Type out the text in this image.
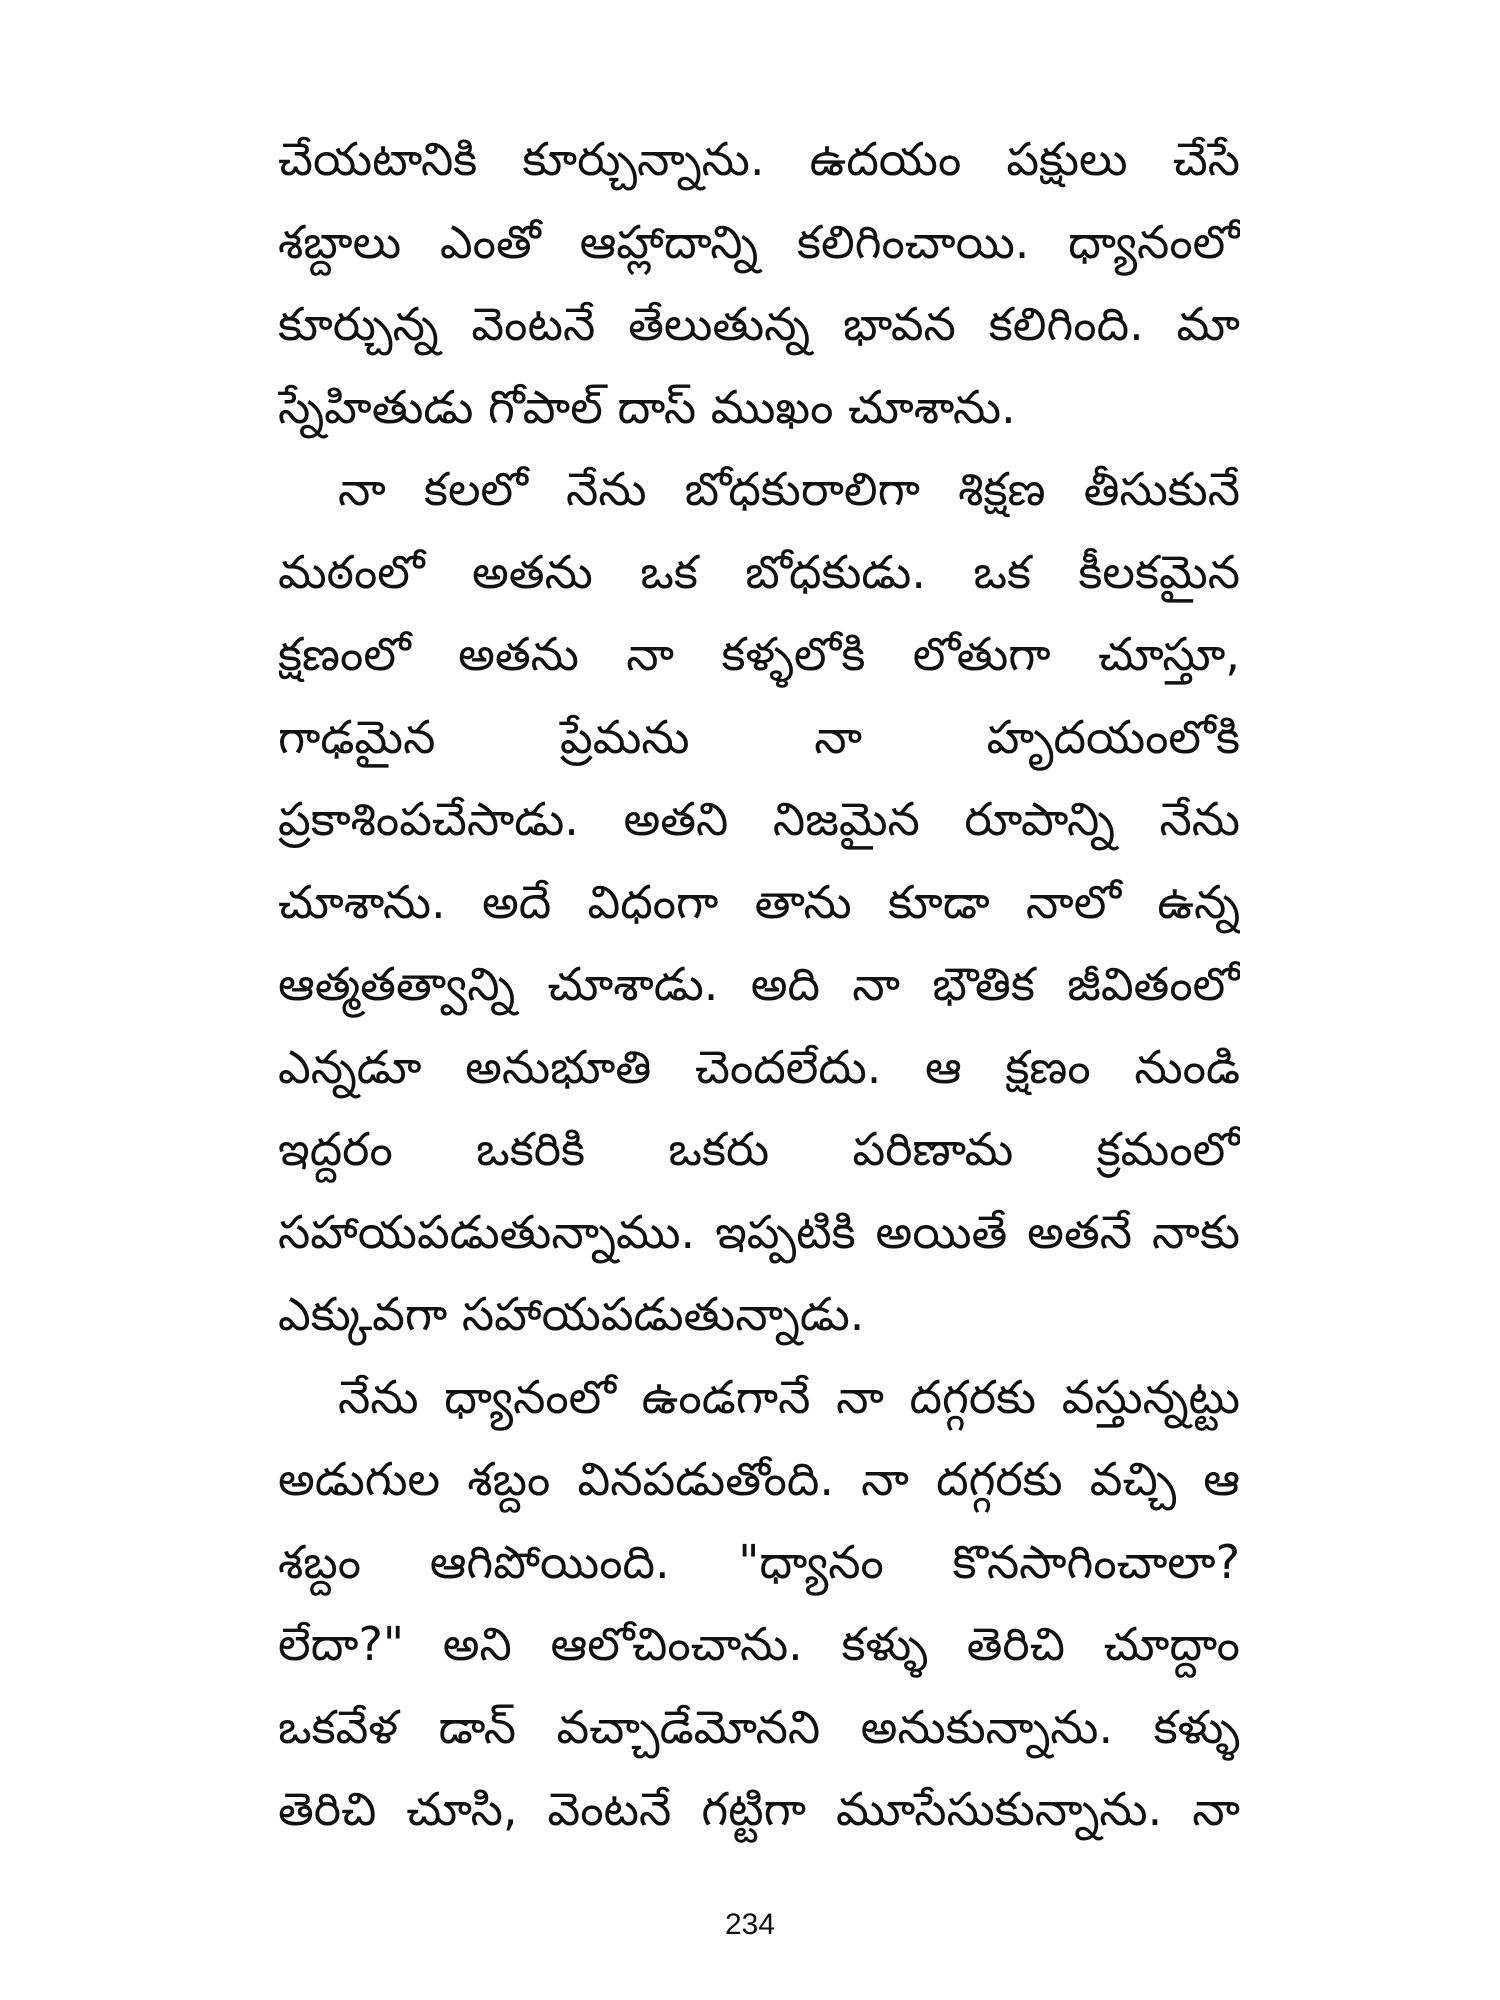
చేయటానికి కూర్చున్నాను. ఉదయం పక్షులు చేసే
శబ్దాలు ఎంతో ఆహ్లాదాన్ని కలిగించాయి. ధ్యానంలో
కూర్చున్న వెంటనే తేలుతున్న భావన కలిగింది. మా
స్నేహితుడు గోపాల్ దాస్ ముఖం చూశాను.
నా కలలో నేను బోధకురాలిగా శిక్షణ తీసుకునే
మఠంలో అతను ఒక బోధకుడు. ఒక కీలకమైన
క్షణంలో అతను నా కళ్ళలోకి లోతుగా చూస్తూ,
గాఢమైన ప్రేమను నా హృదయంలోకి
ప్రకాశింపచేసాడు. అతని నిజమైన రూపాన్ని నేను
చూశాను. అదే విధంగా తాను కూడా నాలో ఉన్న
ఆత్మతత్వాన్ని చూశాడు. అది నా భౌతిక జీవితంలో
ఎన్నడూ అనుభూతి చెందలేదు. ఆ క్షణం నుండి
ఇద్దరం ఒకరికి ఒకరు పరిణామ క్రమంలో
సహాయపడుతున్నాము. ఇప్పటికి అయితే అతనే నాకు
ఎక్కువగా సహాయపడుతున్నాడు.
నేను ధ్యానంలో ఉండగానే నా దగ్గరకు వస్తున్నట్టు
అడుగుల శబ్దం వినపడుతోంది. నా దగ్గరకు వచ్చి ఆ
శబ్దం ఆగిపోయింది. "ధ్యానం కొనసాగించాలా?
లేదా?" అని ఆలోచించాను. కళ్ళు తెరిచి చూద్దాం
ఒకవేళ డాన్ వచ్చాడేమోనని అనుకున్నాను. కళ్ళు
తెరిచి చూసి, వెంటనే గట్టిగా మూసేసుకున్నాను. నా
234
